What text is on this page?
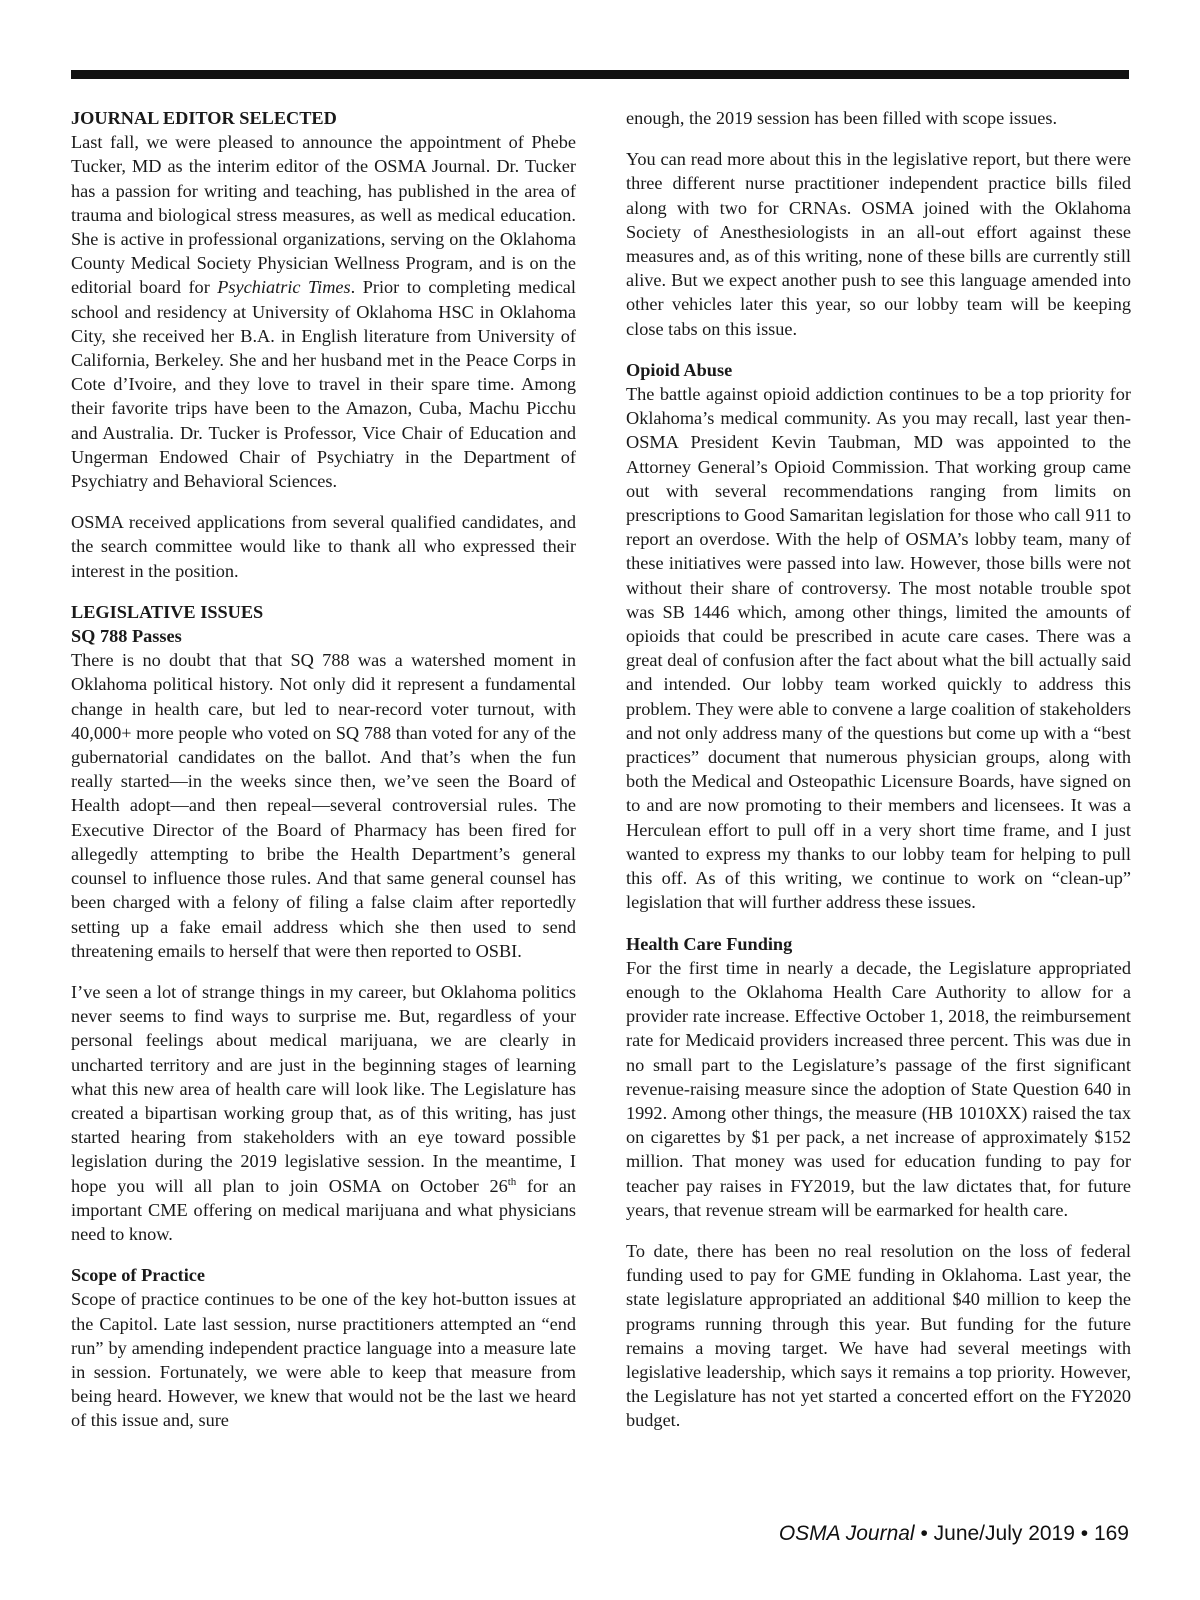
JOURNAL EDITOR SELECTED

Last fall, we were pleased to announce the appointment of Phebe Tucker, MD as the interim editor of the OSMA Journal. Dr. Tucker has a passion for writing and teaching, has published in the area of trauma and biological stress measures, as well as medical education. She is active in professional organizations, serving on the Oklahoma County Medical Society Physician Wellness Program, and is on the editorial board for Psychiatric Times. Prior to completing medical school and residency at University of Oklahoma HSC in Oklahoma City, she received her B.A. in English literature from University of California, Berkeley. She and her husband met in the Peace Corps in Cote d’Ivoire, and they love to travel in their spare time. Among their favorite trips have been to the Amazon, Cuba, Machu Picchu and Australia. Dr. Tucker is Professor, Vice Chair of Education and Ungerman Endowed Chair of Psychiatry in the Department of Psychiatry and Behavioral Sciences.

OSMA received applications from several qualified candidates, and the search committee would like to thank all who expressed their interest in the position.

LEGISLATIVE ISSUES
SQ 788 Passes

There is no doubt that that SQ 788 was a watershed moment in Oklahoma political history. Not only did it represent a fundamental change in health care, but led to near-record voter turnout, with 40,000+ more people who voted on SQ 788 than voted for any of the gubernatorial candidates on the ballot. And that’s when the fun really started—in the weeks since then, we’ve seen the Board of Health adopt—and then repeal—several controversial rules. The Executive Director of the Board of Pharmacy has been fired for allegedly attempting to bribe the Health Department’s general counsel to influence those rules. And that same general counsel has been charged with a felony of filing a false claim after reportedly setting up a fake email address which she then used to send threatening emails to herself that were then reported to OSBI.

I’ve seen a lot of strange things in my career, but Oklahoma politics never seems to find ways to surprise me. But, regardless of your personal feelings about medical marijuana, we are clearly in uncharted territory and are just in the beginning stages of learning what this new area of health care will look like. The Legislature has created a bipartisan working group that, as of this writing, has just started hearing from stakeholders with an eye toward possible legislation during the 2019 legislative session. In the meantime, I hope you will all plan to join OSMA on October 26th for an important CME offering on medical marijuana and what physicians need to know.

Scope of Practice

Scope of practice continues to be one of the key hot-button issues at the Capitol. Late last session, nurse practitioners attempted an “end run” by amending independent practice language into a measure late in session. Fortunately, we were able to keep that measure from being heard. However, we knew that would not be the last we heard of this issue and, sure

enough, the 2019 session has been filled with scope issues.

You can read more about this in the legislative report, but there were three different nurse practitioner independent practice bills filed along with two for CRNAs. OSMA joined with the Oklahoma Society of Anesthesiologists in an all-out effort against these measures and, as of this writing, none of these bills are currently still alive. But we expect another push to see this language amended into other vehicles later this year, so our lobby team will be keeping close tabs on this issue.

Opioid Abuse

The battle against opioid addiction continues to be a top priority for Oklahoma’s medical community. As you may recall, last year then-OSMA President Kevin Taubman, MD was appointed to the Attorney General’s Opioid Commission. That working group came out with several recommendations ranging from limits on prescriptions to Good Samaritan legislation for those who call 911 to report an overdose. With the help of OSMA’s lobby team, many of these initiatives were passed into law. However, those bills were not without their share of controversy. The most notable trouble spot was SB 1446 which, among other things, limited the amounts of opioids that could be prescribed in acute care cases. There was a great deal of confusion after the fact about what the bill actually said and intended. Our lobby team worked quickly to address this problem. They were able to convene a large coalition of stakeholders and not only address many of the questions but come up with a “best practices” document that numerous physician groups, along with both the Medical and Osteopathic Licensure Boards, have signed on to and are now promoting to their members and licensees. It was a Herculean effort to pull off in a very short time frame, and I just wanted to express my thanks to our lobby team for helping to pull this off. As of this writing, we continue to work on “clean-up” legislation that will further address these issues.

Health Care Funding

For the first time in nearly a decade, the Legislature appropriated enough to the Oklahoma Health Care Authority to allow for a provider rate increase. Effective October 1, 2018, the reimbursement rate for Medicaid providers increased three percent. This was due in no small part to the Legislature’s passage of the first significant revenue-raising measure since the adoption of State Question 640 in 1992. Among other things, the measure (HB 1010XX) raised the tax on cigarettes by $1 per pack, a net increase of approximately $152 million. That money was used for education funding to pay for teacher pay raises in FY2019, but the law dictates that, for future years, that revenue stream will be earmarked for health care.

To date, there has been no real resolution on the loss of federal funding used to pay for GME funding in Oklahoma. Last year, the state legislature appropriated an additional $40 million to keep the programs running through this year. But funding for the future remains a moving target. We have had several meetings with legislative leadership, which says it remains a top priority. However, the Legislature has not yet started a concerted effort on the FY2020 budget.

OSMA Journal • June/July 2019 • 169
